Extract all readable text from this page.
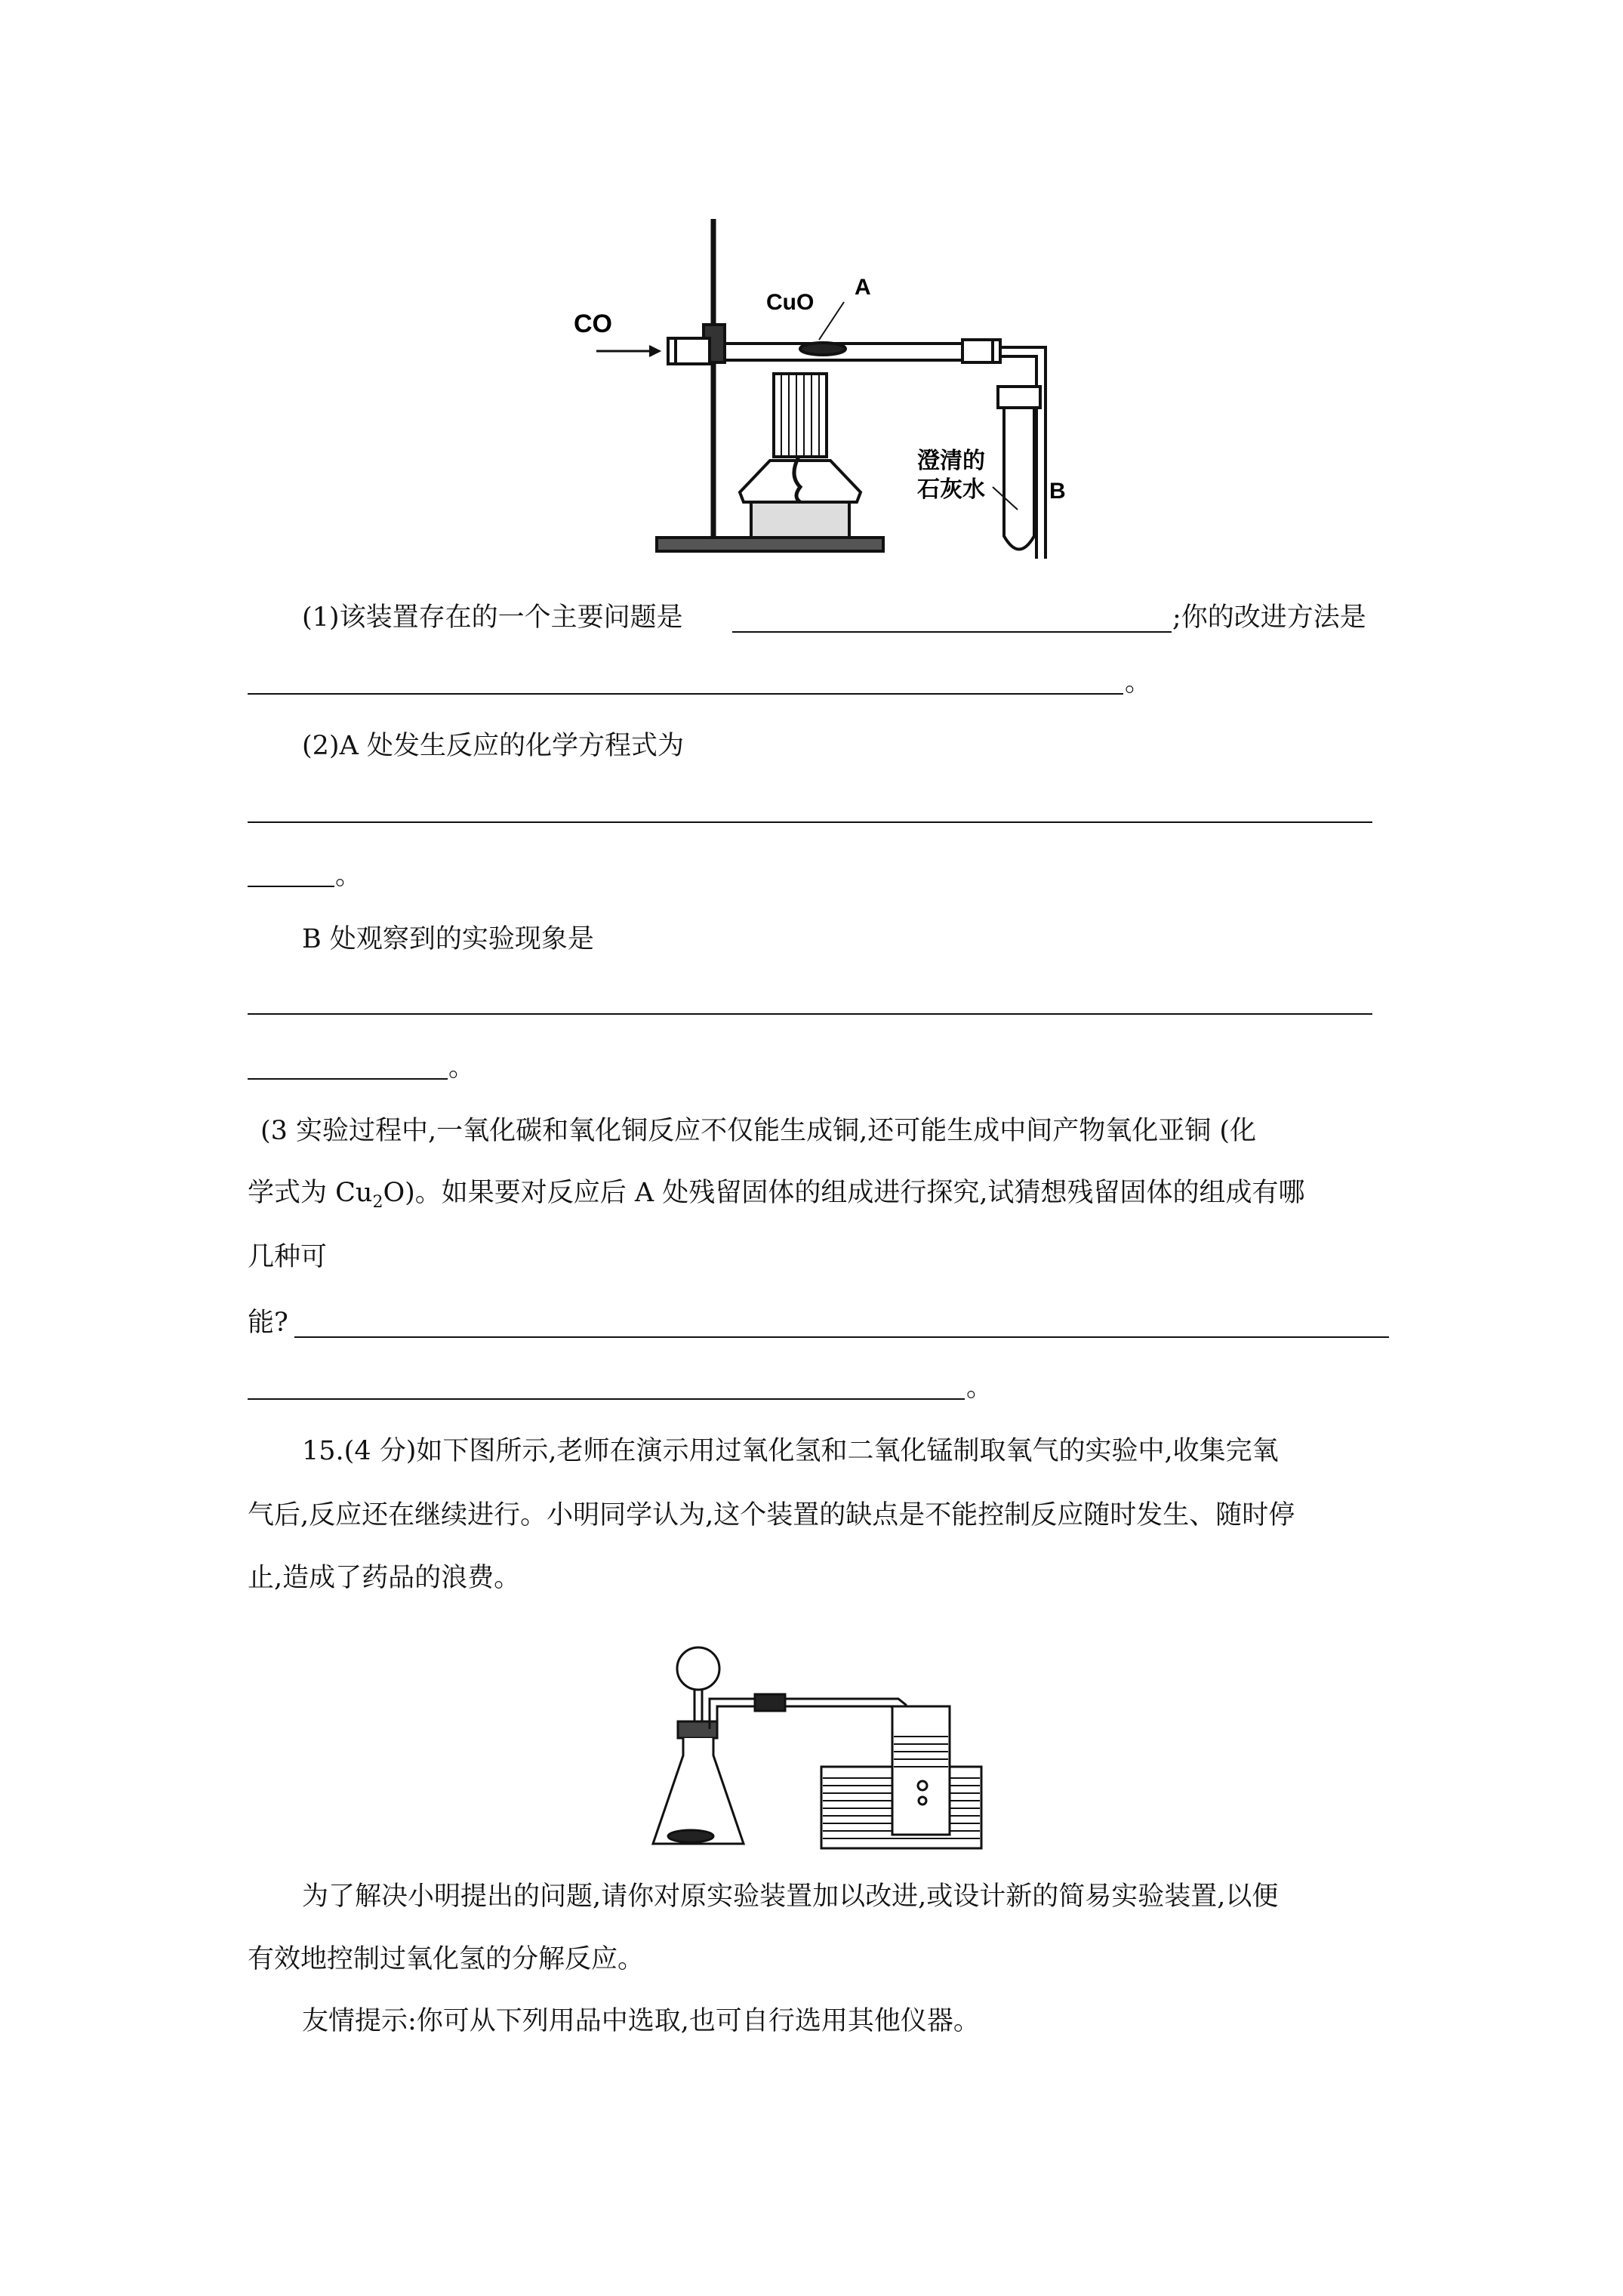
CO
CuO
A
澄清的
石灰水	B
(1)该装置存在的一个主要问题是	;你的改进方法是
。
(2)A 处发生反应的化学方程式为
。
B 处观察到的实验现象是
。
(3 实验过程中,一氧化碳和氧化铜反应不仅能生成铜,还可能生成中间产物氧化亚铜 (化
学式为 $Cu_2O$)。如果要对反应后 A 处残留固体的组成进行探究,试猜想残留固体的组成有哪
几种可
能?
。
15.(4 分)如下图所示,老师在演示用过氧化氢和二氧化锰制取氧气的实验中,收集完氧
气后,反应还在继续进行。小明同学认为,这个装置的缺点是不能控制反应随时发生、随时停
止,造成了药品的浪费。
为了解决小明提出的问题,请你对原实验装置加以改进,或设计新的简易实验装置,以便
有效地控制过氧化氢的分解反应。
友情提示:你可从下列用品中选取,也可自行选用其他仪器。
